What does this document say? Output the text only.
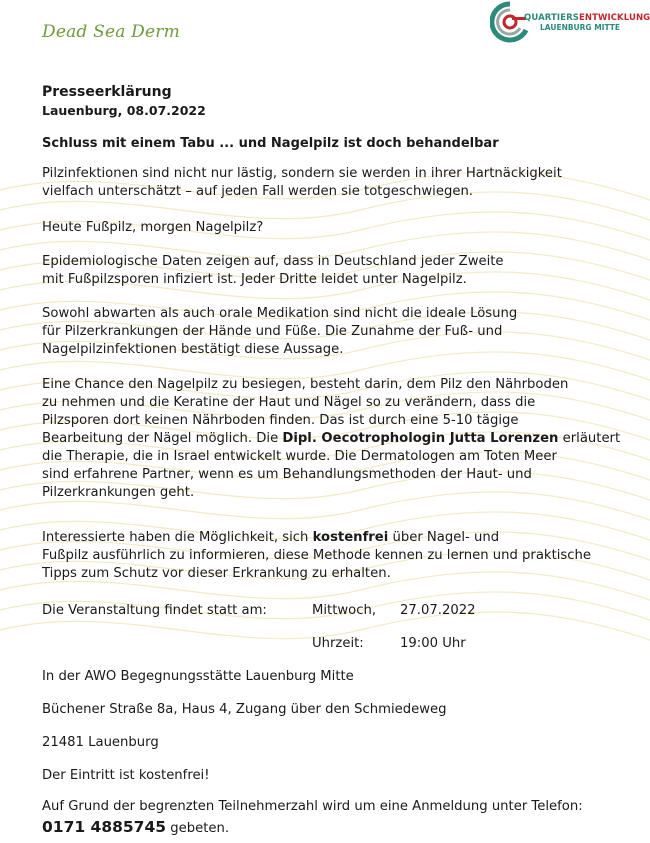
Dead Sea Derm
QUARTIERSENTWICKLUNG
LAUENBURG MITTE
Presseerklärung
Lauenburg, 08.07.2022
Schluss mit einem Tabu ... und Nagelpilz ist doch behandelbar

Pilzinfektionen sind nicht nur lästig, sondern sie werden in ihrer Hartnäckigkeit

vielfach unterschätzt – auf jeden Fall werden sie totgeschwiegen.

Heute Fußpilz, morgen Nagelpilz?

Epidemiologische Daten zeigen auf, dass in Deutschland jeder Zweite

mit Fußpilzsporen infiziert ist. Jeder Dritte leidet unter Nagelpilz.

Sowohl abwarten als auch orale Medikation sind nicht die ideale Lösung

für Pilzerkrankungen der Hände und Füße. Die Zunahme der Fuß- und

Nagelpilzinfektionen bestätigt diese Aussage.

Eine Chance den Nagelpilz zu besiegen, besteht darin, dem Pilz den Nährboden

zu nehmen und die Keratine der Haut und Nägel so zu verändern, dass die

Pilzsporen dort keinen Nährboden finden. Das ist durch eine 5-10 tägige

Bearbeitung der Nägel möglich. Die Dipl. Oecotrophologin Jutta Lorenzen erläutert

die Therapie, die in Israel entwickelt wurde. Die Dermatologen am Toten Meer

sind erfahrene Partner, wenn es um Behandlungsmethoden der Haut- und

Pilzerkrankungen geht.

Interessierte haben die Möglichkeit, sich kostenfrei über Nagel- und

Fußpilz ausführlich zu informieren, diese Methode kennen zu lernen und praktische

Tipps zum Schutz vor dieser Erkrankung zu erhalten.

Die Veranstaltung findet statt am:	Mittwoch, 27.07.2022
Uhrzeit:	19:00 Uhr
In der AWO Begegnungsstätte Lauenburg Mitte
Büchener Straße 8a, Haus 4, Zugang über den Schmiedeweg
21481 Lauenburg
Der Eintritt ist kostenfrei!
Auf Grund der begrenzten Teilnehmerzahl wird um eine Anmeldung unter Telefon:
0171 4885745 gebeten.
